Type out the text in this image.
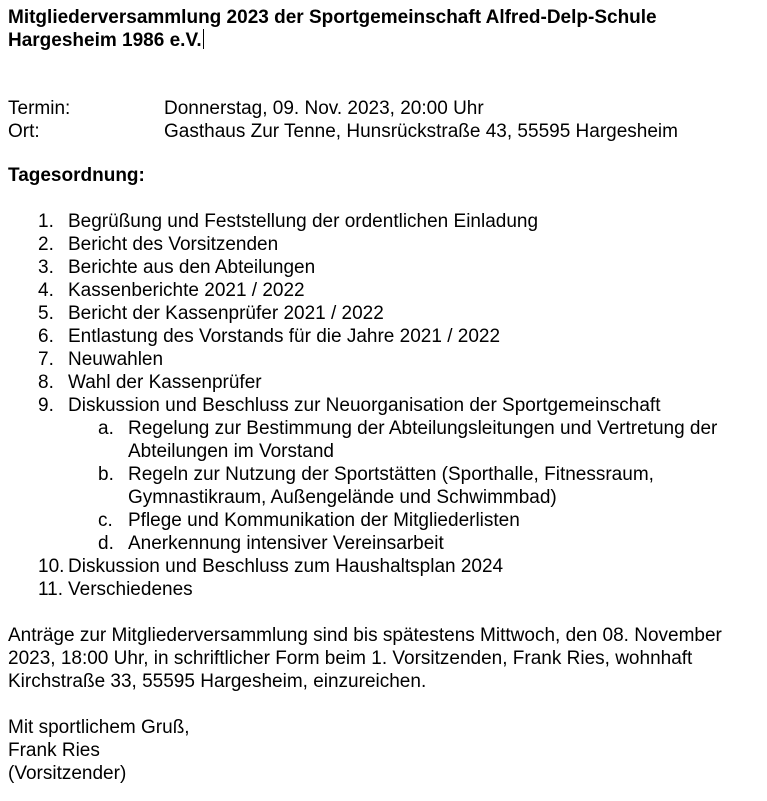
Mitgliederversammlung 2023 der Sportgemeinschaft Alfred-Delp-Schule Hargesheim 1986 e.V.
Termin:	Donnerstag, 09. Nov. 2023, 20:00 Uhr
Ort:	Gasthaus Zur Tenne, Hunsrückstraße 43, 55595 Hargesheim

Tagesordnung:

1. Begrüßung und Feststellung der ordentlichen Einladung
2. Bericht des Vorsitzenden
3. Berichte aus den Abteilungen
4. Kassenberichte 2021 / 2022
5. Bericht der Kassenprüfer 2021 / 2022
6. Entlastung des Vorstands für die Jahre 2021 / 2022
7. Neuwahlen
8. Wahl der Kassenprüfer
9. Diskussion und Beschluss zur Neuorganisation der Sportgemeinschaft
a. Regelung zur Bestimmung der Abteilungsleitungen und Vertretung der Abteilungen im Vorstand
b. Regeln zur Nutzung der Sportstätten (Sporthalle, Fitnessraum, Gymnastikraum, Außengelände und Schwimmbad)
c. Pflege und Kommunikation der Mitgliederlisten
d. Anerkennung intensiver Vereinsarbeit
10. Diskussion und Beschluss zum Haushaltsplan 2024
11. Verschiedenes

Anträge zur Mitgliederversammlung sind bis spätestens Mittwoch, den 08. November 2023, 18:00 Uhr, in schriftlicher Form beim 1. Vorsitzenden, Frank Ries, wohnhaft Kirchstraße 33, 55595 Hargesheim, einzureichen.

Mit sportlichem Gruß,
Frank Ries
(Vorsitzender)
